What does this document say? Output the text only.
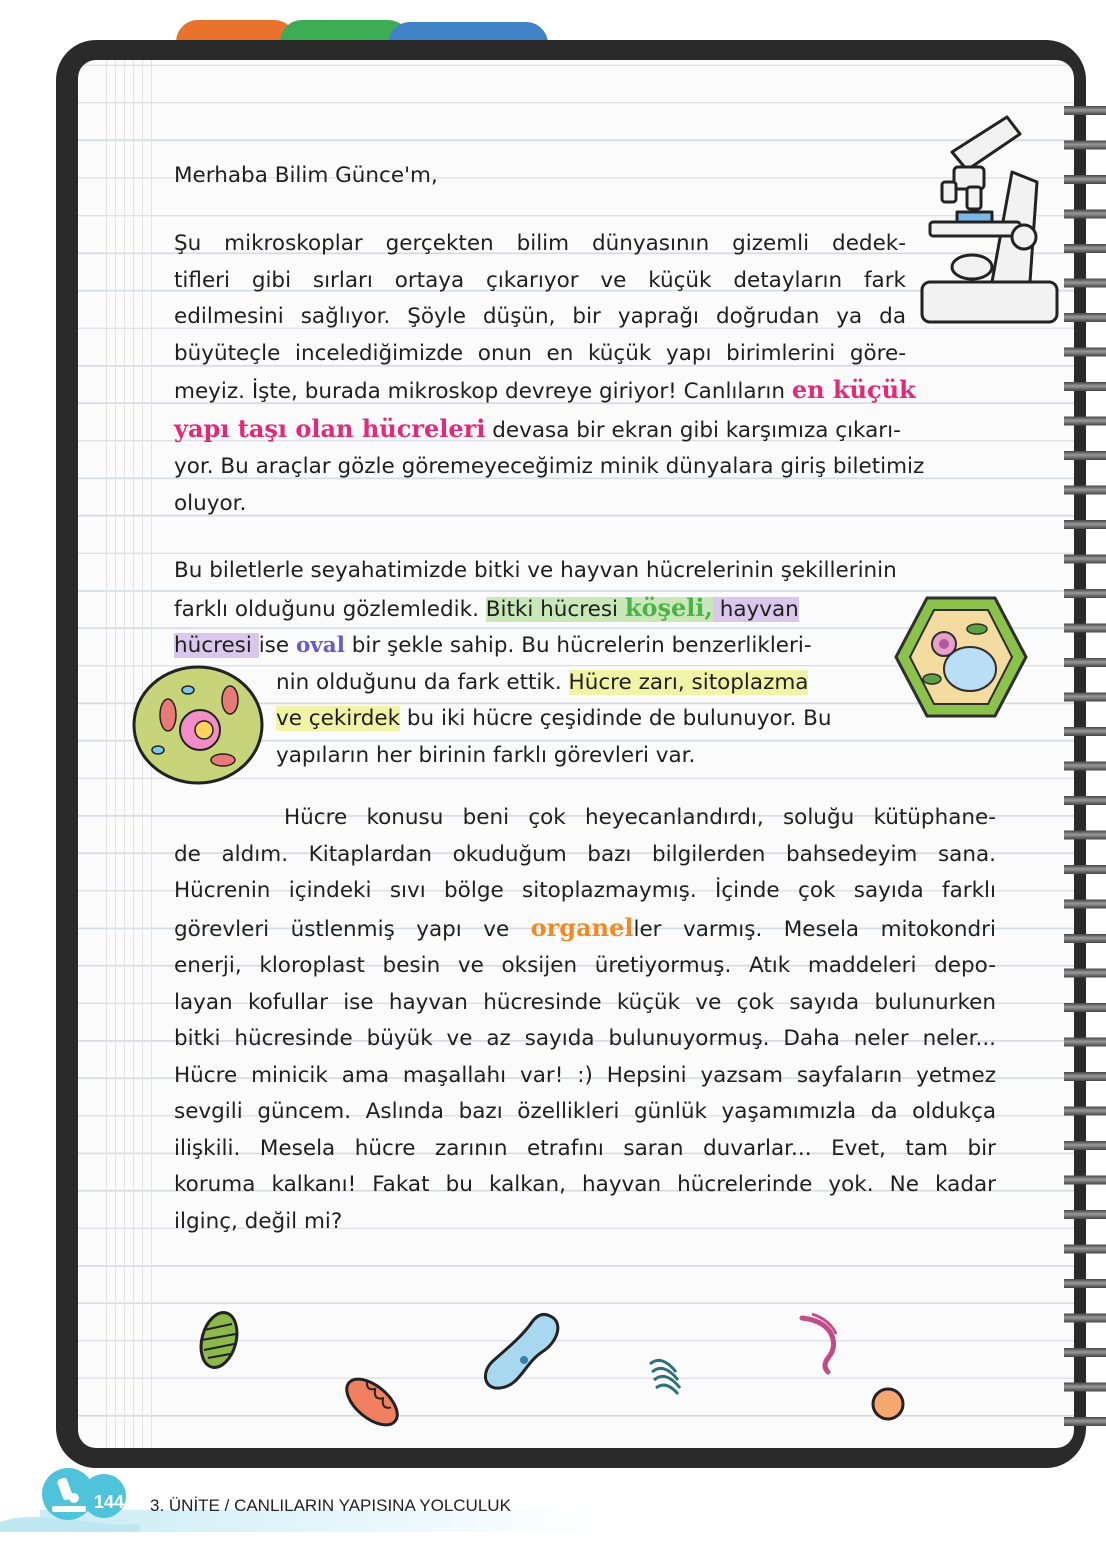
Merhaba Bilim Günce'm,
Şu mikroskoplar gerçekten bilim dünyasının gizemli dedek-
tifleri gibi sırları ortaya çıkarıyor ve küçük detayların fark
edilmesini sağlıyor. Şöyle düşün, bir yaprağı doğrudan ya da
büyüteçle incelediğimizde onun en küçük yapı birimlerini göre-
meyiz. İşte, burada mikroskop devreye giriyor! Canlıların en küçük
yapı taşı olan hücreleri devasa bir ekran gibi karşımıza çıkarı-
yor. Bu araçlar gözle göremeyeceğimiz minik dünyalara giriş biletimiz
oluyor.
Bu biletlerle seyahatimizde bitki ve hayvan hücrelerinin şekillerinin
farklı olduğunu gözlemledik. Bitki hücresi köşeli, hayvan
hücresi ise oval bir şekle sahip. Bu hücrelerin benzerlikleri-
nin olduğunu da fark ettik. Hücre zarı, sitoplazma
ve çekirdek bu iki hücre çeşidinde de bulunuyor. Bu
yapıların her birinin farklı görevleri var.
Hücre konusu beni çok heyecanlandırdı, soluğu kütüphane-
de aldım. Kitaplardan okuduğum bazı bilgilerden bahsedeyim sana.
Hücrenin içindeki sıvı bölge sitoplazmaymış. İçinde çok sayıda farklı
görevleri üstlenmiş yapı ve organeller varmış. Mesela mitokondri
enerji, kloroplast besin ve oksijen üretiyormuş. Atık maddeleri depo-
layan kofullar ise hayvan hücresinde küçük ve çok sayıda bulunurken
bitki hücresinde büyük ve az sayıda bulunuyormuş. Daha neler neler...
Hücre minicik ama maşallahı var! :) Hepsini yazsam sayfaların yetmez
sevgili güncem. Aslında bazı özellikleri günlük yaşamımızla da oldukça
ilişkili. Mesela hücre zarının etrafını saran duvarlar... Evet, tam bir
koruma kalkanı! Fakat bu kalkan, hayvan hücrelerinde yok. Ne kadar
ilginç, değil mi?
144 3. ÜNİTE / CANLILARIN YAPISINA YOLCULUK
